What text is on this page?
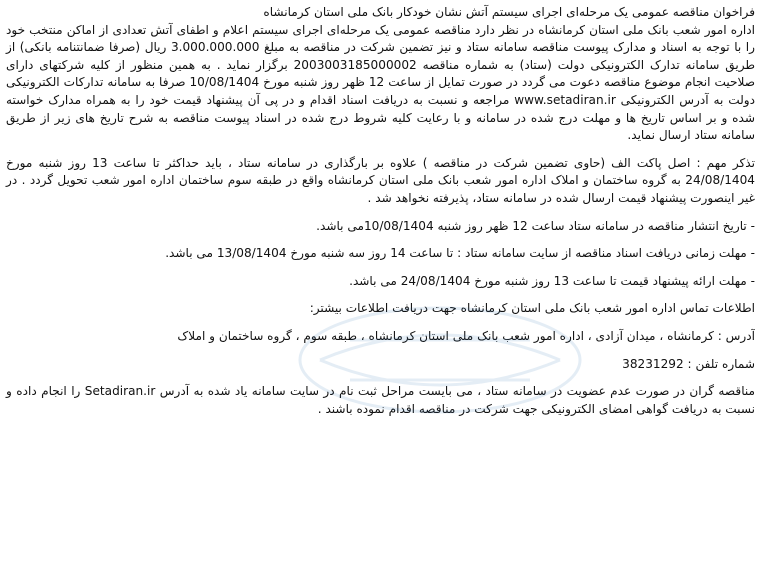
فراخوان مناقصه عمومی یک مرحله‌ای اجرای سیستم آتش نشان خودکار بانک ملی استان کرمانشاه

اداره امور شعب بانک ملی استان کرمانشاه در نظر دارد مناقصه عمومی یک مرحله‌ای اجرای سیستم اعلام و اطفای آتش تعدادی از اماکن منتخب خود را با توجه به اسناد و مدارک پیوست مناقصه سامانه ستاد و نیز تضمین شرکت در مناقصه به مبلغ 3.000.000.000 ریال (صرفا ضمانتنامه بانکی) از طریق سامانه تدارک الکترونیکی دولت (ستاد) به شماره مناقصه 2003003185000002 برگزار نماید . به همین منظور از کلیه شرکتهای دارای صلاحیت انجام موضوع مناقصه دعوت می گردد در صورت تمایل از ساعت 12 ظهر روز شنبه مورخ 10/08/1404 صرفا به سامانه تدارکات الکترونیکی دولت به آدرس الکترونیکی www.setadiran.ir مراجعه و نسبت به دریافت اسناد اقدام و در پی آن پیشنهاد قیمت خود را به همراه مدارک خواسته شده و بر اساس تاریخ ها و مهلت درج شده در سامانه و با رعایت کلیه شروط درج شده در اسناد پیوست مناقصه به شرح تاریخ های زیر از طریق سامانه ستاد ارسال نماید.

تذکر مهم : اصل پاکت الف (حاوی تضمین شرکت در مناقصه ) علاوه بر بارگذاری در سامانه ستاد ، باید حداکثر تا ساعت 13 روز شنبه مورخ 24/08/1404 به گروه ساختمان و املاک اداره امور شعب بانک ملی استان کرمانشاه واقع در طبقه سوم ساختمان اداره امور شعب تحویل گردد . در غیر اینصورت پیشنهاد قیمت ارسال شده در سامانه ستاد، پذیرفته نخواهد شد .

- تاریخ انتشار مناقصه در سامانه ستاد ساعت 12 ظهر روز شنبه 10/08/1404می باشد.

- مهلت زمانی دریافت اسناد مناقصه از سایت سامانه ستاد : تا ساعت 14 روز سه شنبه مورخ 13/08/1404 می باشد.

- مهلت ارائه پیشنهاد قیمت تا ساعت 13 روز شنبه مورخ 24/08/1404 می باشد.

اطلاعات تماس اداره امور شعب بانک ملی استان کرمانشاه جهت دریافت اطلاعات بیشتر:

آدرس : کرمانشاه ، میدان آزادی ، اداره امور شعب بانک ملی استان کرمانشاه ، طبقه سوم ، گروه ساختمان و املاک

شماره تلفن : 38231292

مناقصه گران در صورت عدم عضویت در سامانه ستاد ، می بایست مراحل ثبت نام در سایت سامانه یاد شده به آدرس Setadiran.ir را انجام داده و نسبت به دریافت گواهی امضای الکترونیکی جهت شرکت در مناقصه اقدام نموده باشند .
